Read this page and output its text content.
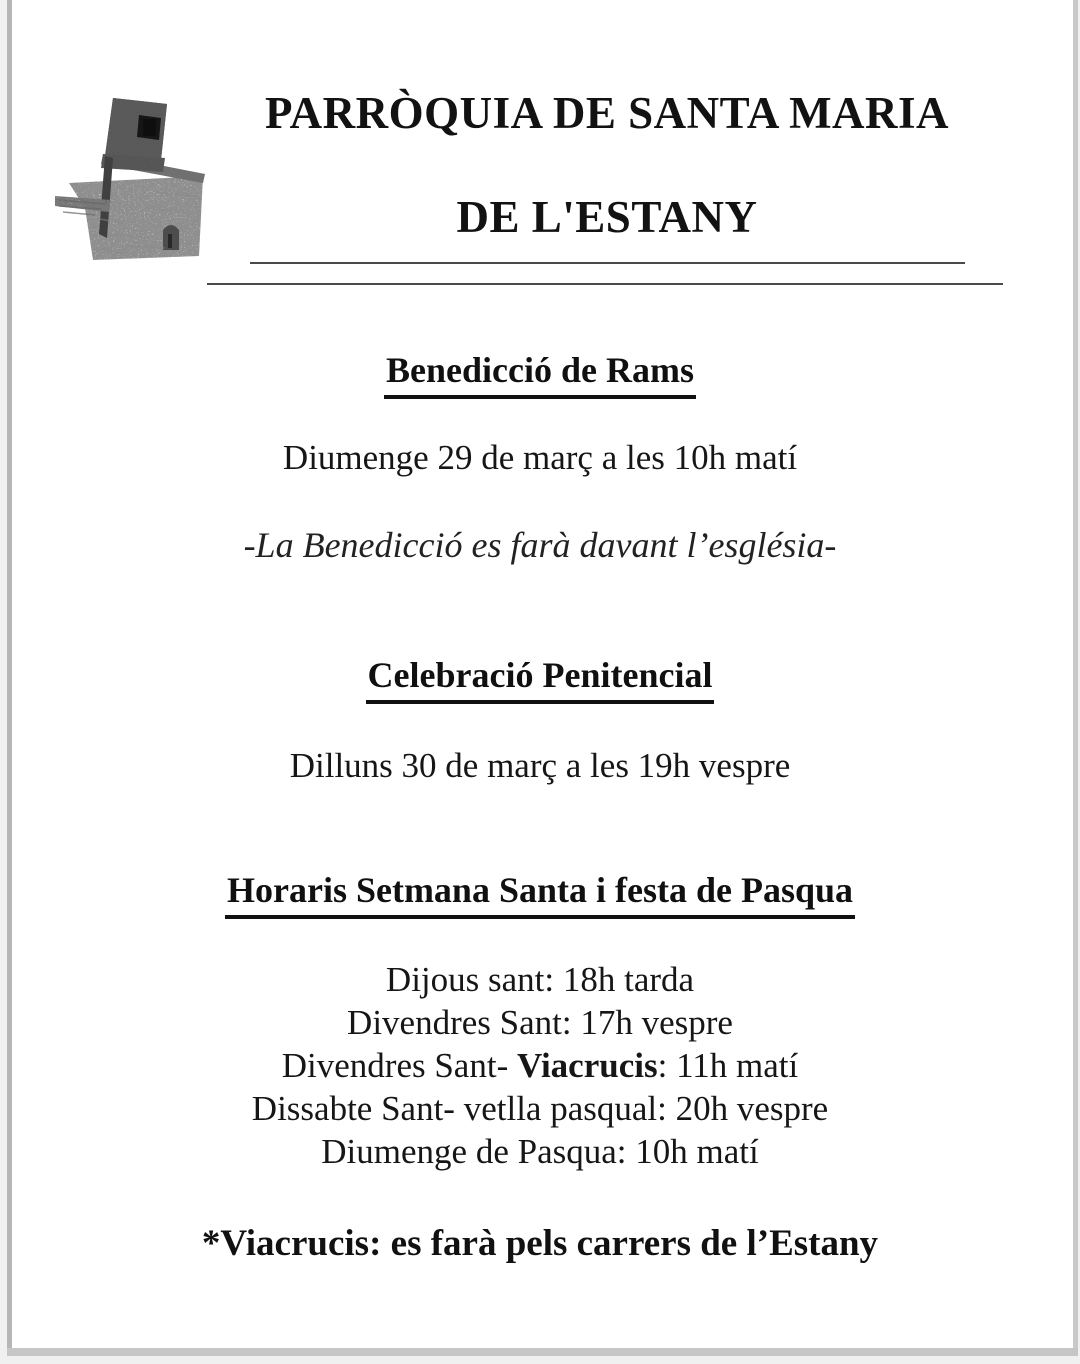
PARRÒQUIA DE SANTA MARIA
DE L'ESTANY
Benedicció de Rams
Diumenge 29 de març a les 10h matí
-La Benedicció es farà davant l’església-
Celebració Penitencial
Dilluns 30 de març a les 19h vespre
Horaris Setmana Santa i festa de Pasqua
Dijous sant: 18h tarda
Divendres Sant: 17h vespre
Divendres Sant- Viacrucis: 11h matí
Dissabte Sant- vetlla pasqual: 20h vespre
Diumenge de Pasqua: 10h matí
*Viacrucis: es farà pels carrers de l’Estany
